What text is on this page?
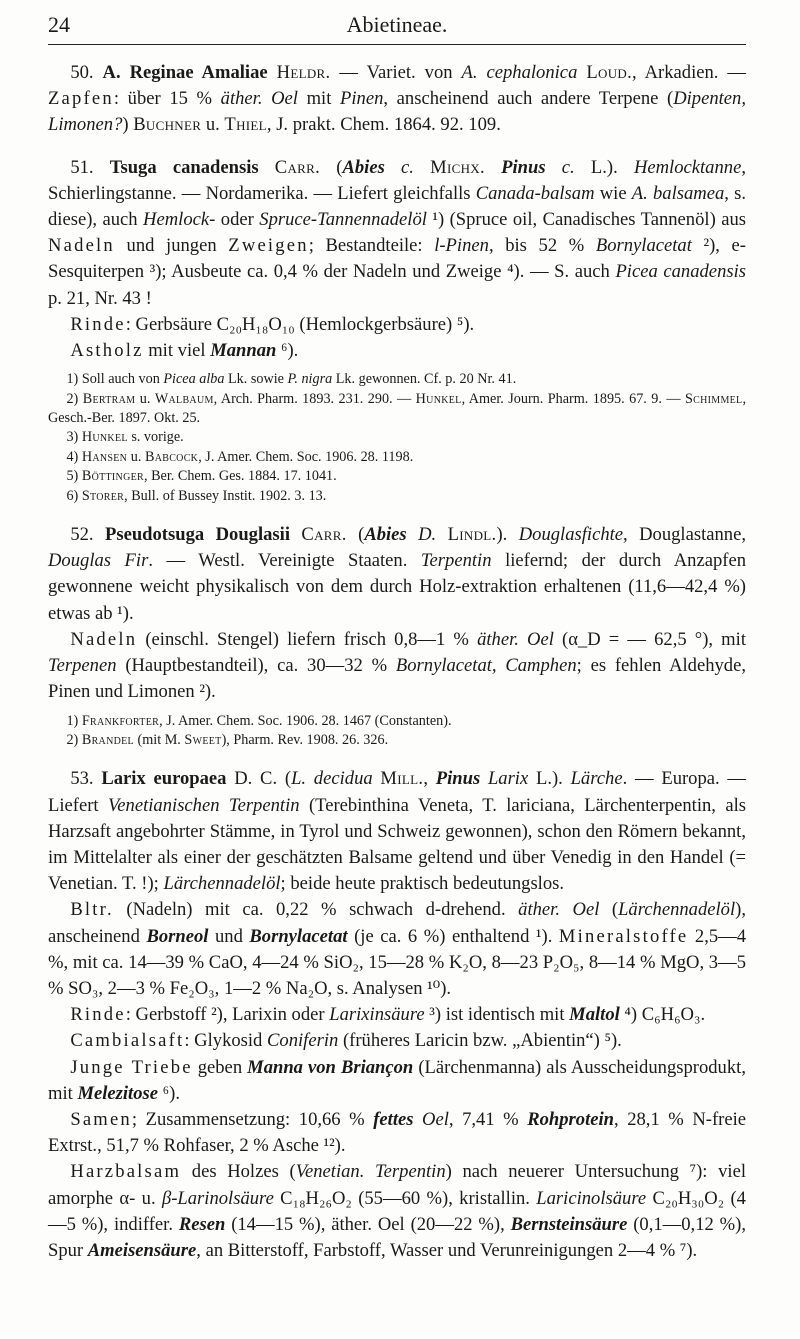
24	Abietineae.

50. A. Reginae Amaliae Heldr. — Variet. von A. cephalonica Loud., Arkadien. — Zapfen: über 15 % äther. Oel mit Pinen, anscheinend auch andere Terpene (Dipenten, Limonen?) Buchner u. Thiel, J. prakt. Chem. 1864. 92. 109.

51. Tsuga canadensis Carr. (Abies c. Michx. Pinus c. L.). Hemlocktanne, Schierlingstanne. — Nordamerika. — Liefert gleichfalls Canada-balsam wie A. balsamea, s. diese), auch Hemlock- oder Spruce-Tannennadelöl ¹) (Spruce oil, Canadisches Tannenöl) aus Nadeln und jungen Zweigen; Bestandteile: l-Pinen, bis 52 % Bornylacetat ²), e-Sesquiterpen ³); Ausbeute ca. 0,4 % der Nadeln und Zweige ⁴). — S. auch Picea canadensis p. 21, Nr. 43 !

Rinde: Gerbsäure C₂₀H₁₈O₁₀ (Hemlockgerbsäure) ⁵).

Astholz mit viel Mannan ⁶).

1) Soll auch von Picea alba Lk. sowie P. nigra Lk. gewonnen. Cf. p. 20 Nr. 41.
2) Bertram u. Walbaum, Arch. Pharm. 1893. 231. 290. — Hunkel, Amer. Journ. Pharm. 1895. 67. 9. — Schimmel, Gesch.-Ber. 1897. Okt. 25.
3) Hunkel s. vorige.
4) Hansen u. Babcock, J. Amer. Chem. Soc. 1906. 28. 1198.
5) Böttinger, Ber. Chem. Ges. 1884. 17. 1041.
6) Storer, Bull. of Bussey Instit. 1902. 3. 13.

52. Pseudotsuga Douglasii Carr. (Abies D. Lindl.). Douglasfichte, Douglastanne, Douglas Fir. — Westl. Vereinigte Staaten. Terpentin liefernd; der durch Anzapfen gewonnene weicht physikalisch von dem durch Holz-extraktion erhaltenen (11,6—42,4 %) etwas ab ¹).

Nadeln (einschl. Stengel) liefern frisch 0,8—1 % äther. Oel (α_D = — 62,5 °), mit Terpenen (Hauptbestandteil), ca. 30—32 % Bornylacetat, Camphen; es fehlen Aldehyde, Pinen und Limonen ²).

1) Frankforter, J. Amer. Chem. Soc. 1906. 28. 1467 (Constanten).
2) Brandel (mit M. Sweet), Pharm. Rev. 1908. 26. 326.

53. Larix europaea D. C. (L. decidua Mill., Pinus Larix L.). Lärche. — Europa. — Liefert Venetianischen Terpentin (Terebinthina Veneta, T. lariciana, Lärchenterpentin, als Harzsaft angebohrter Stämme, in Tyrol und Schweiz gewonnen), schon den Römern bekannt, im Mittelalter als einer der geschätzten Balsame geltend und über Venedig in den Handel (= Venetian. T. !); Lärchennadelöl; beide heute praktisch bedeutungslos.

Bltr. (Nadeln) mit ca. 0,22 % schwach d-drehend. äther. Oel (Lärchennadelöl), anscheinend Borneol und Bornylacetat (je ca. 6 %) enthaltend ¹). Mineralstoffe 2,5—4 %, mit ca. 14—39 % CaO, 4—24 % SiO₂, 15—28 % K₂O, 8—23 P₂O₅, 8—14 % MgO, 3—5 % SO₃, 2—3 % Fe₂O₃, 1—2 % Na₂O, s. Analysen ¹⁰).

Rinde: Gerbstoff ²), Larixin oder Larixinsäure ³) ist identisch mit Maltol ⁴) C₆H₆O₃.

Cambialsaft: Glykosid Coniferin (früheres Laricin bzw. „Abientin“) ⁵).

Junge Triebe geben Manna von Briançon (Lärchenmanna) als Ausscheidungsprodukt, mit Melezitose ⁶).

Samen; Zusammensetzung: 10,66 % fettes Oel, 7,41 % Rohprotein, 28,1 % N-freie Extrst., 51,7 % Rohfaser, 2 % Asche ¹²).

Harzbalsam des Holzes (Venetian. Terpentin) nach neuerer Untersuchung ⁷): viel amorphe α- u. β-Larinolsäure C₁₈H₂₆O₂ (55—60 %), kristallin. Laricinolsäure C₂₀H₃₀O₂ (4—5 %), indiffer. Resen (14—15 %), äther. Oel (20—22 %), Bernsteinsäure (0,1—0,12 %), Spur Ameisensäure, an Bitterstoff, Farbstoff, Wasser und Verunreinigungen 2—4 % ⁷).
